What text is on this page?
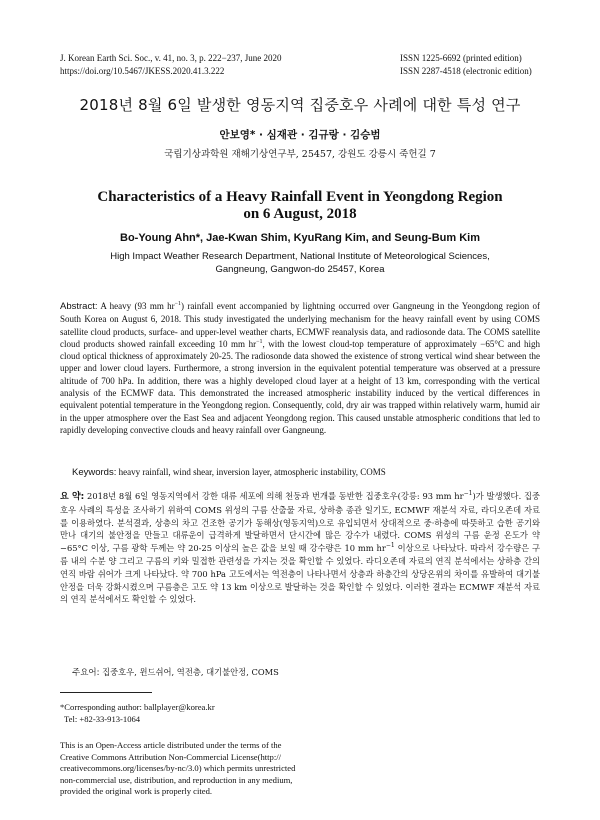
J. Korean Earth Sci. Soc., v. 41, no. 3, p. 222−237, June 2020
https://doi.org/10.5467/JKESS.2020.41.3.222
ISSN 1225-6692 (printed edition)
ISSN 2287-4518 (electronic edition)
2018년 8월 6일 발생한 영동지역 집중호우 사례에 대한 특성 연구
안보영* · 심재관 · 김규랑 · 김승범
국립기상과학원 재해기상연구부, 25457, 강원도 강릉시 죽헌길 7
Characteristics of a Heavy Rainfall Event in Yeongdong Region
on 6 August, 2018
Bo-Young Ahn*, Jae-Kwan Shim, KyuRang Kim, and Seung-Bum Kim
High Impact Weather Research Department, National Institute of Meteorological Sciences,
Gangneung, Gangwon-do 25457, Korea
Abstract: A heavy (93 mm $hr^{-1}$) rainfall event accompanied by lightning occurred over Gangneung in the Yeongdong region of South Korea on August 6, 2018. This study investigated the underlying mechanism for the heavy rainfall event by using COMS satellite cloud products, surface- and upper-level weather charts, ECMWF reanalysis data, and radiosonde data. The COMS satellite cloud products showed rainfall exceeding 10 mm $hr^{-1}$, with the lowest cloud-top temperature of approximately −65°C and high cloud optical thickness of approximately 20-25. The radiosonde data showed the existence of strong vertical wind shear between the upper and lower cloud layers. Furthermore, a strong inversion in the equivalent potential temperature was observed at a pressure altitude of 700 hPa. In addition, there was a highly developed cloud layer at a height of 13 km, corresponding with the vertical analysis of the ECMWF data. This demonstrated the increased atmospheric instability induced by the vertical differences in equivalent potential temperature in the Yeongdong region. Consequently, cold, dry air was trapped within relatively warm, humid air in the upper atmosphere over the East Sea and adjacent Yeongdong region. This caused unstable atmospheric conditions that led to rapidly developing convective clouds and heavy rainfall over Gangneung.
Keywords: heavy rainfall, wind shear, inversion layer, atmospheric instability, COMS
요 약: 2018년 8월 6일 영동지역에서 강한 대류 세포에 의해 천둥과 번개를 동반한 집중호우(강릉: 93 mm $hr^{-1}$)가 발생했다. 집중호우 사례의 특성을 조사하기 위하여 COMS 위성의 구름 산출물 자료, 상하층 종관 일기도, ECMWF 재분석 자료, 라디오존데 자료를 이용하였다. 분석결과, 상층의 차고 건조한 공기가 동해상(영동지역)으로 유입되면서 상대적으로 중·하층에 따뜻하고 습한 공기와 만나 대기의 불안정을 만들고 대류운이 급격하게 발달하면서 단시간에 많은 강수가 내렸다. COMS 위성의 구름 운정 온도가 약 −65°C 이상, 구름 광학 두께는 약 20-25 이상의 높은 값을 보일 때 강수량은 10 mm $hr^{-1}$ 이상으로 나타났다. 따라서 강수량은 구름 내의 수분 양 그리고 구름의 키와 밀접한 관련성을 가지는 것을 확인할 수 있었다. 라디오존데 자료의 연직 분석에서는 상하층 간의 연직 바람 쉬어가 크게 나타났다. 약 700 hPa 고도에서는 역전층이 나타나면서 상층과 하층간의 상당온위의 차이를 유발하여 대기불안정을 더욱 강화시켰으며 구름층은 고도 약 13 km 이상으로 발달하는 것을 확인할 수 있었다. 이러한 결과는 ECMWF 재분석 자료의 연직 분석에서도 확인할 수 있었다.
주요어: 집중호우, 윈드쉬어, 역전층, 대기불안정, COMS
*Corresponding author: ballplayer@korea.kr
Tel: +82-33-913-1064
This is an Open-Access article distributed under the terms of the
Creative Commons Attribution Non-Commercial License(http://
creativecommons.org/licenses/by-nc/3.0) which permits unrestricted
non-commercial use, distribution, and reproduction in any medium,
provided the original work is properly cited.
